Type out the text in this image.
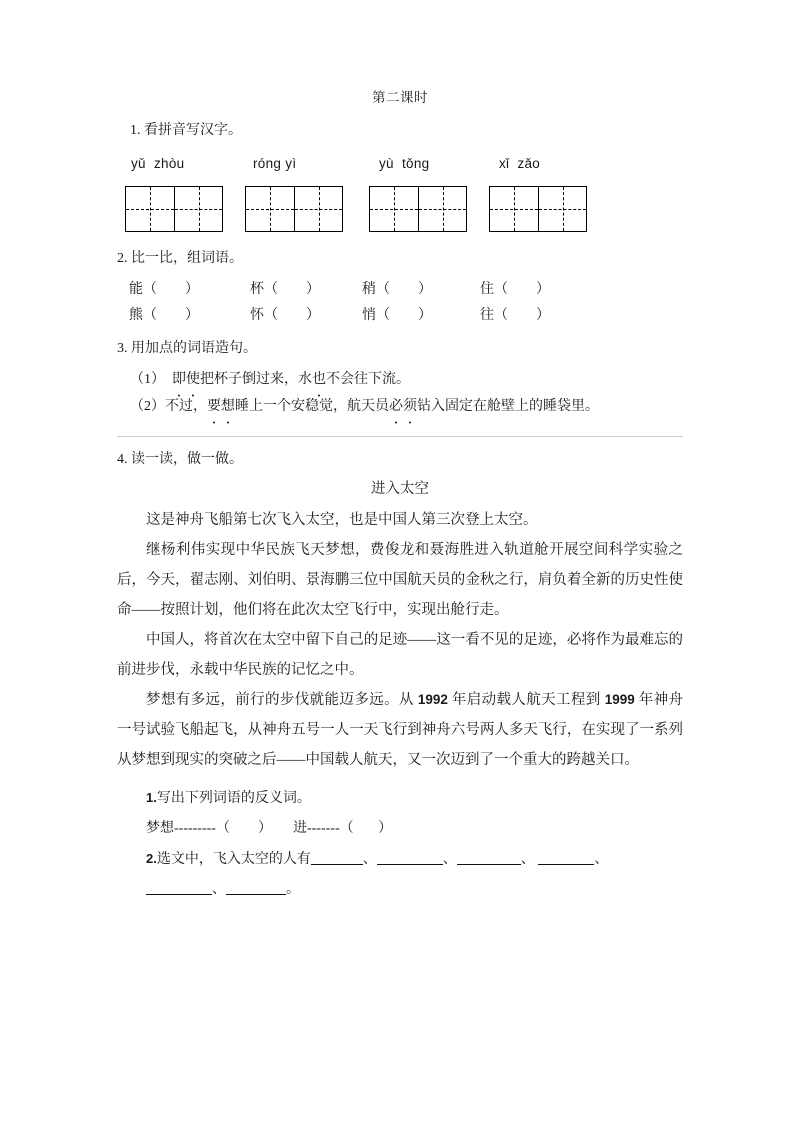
第二课时
1. 看拼音写汉字。
yǔ  zhòu	róng yì	yù  tǒng	xǐ  zǎo
2. 比一比，组词语。
能（        ）	杯（        ）	稍（        ）	住（        ）
熊（        ）	怀（        ）	悄（        ）	往（        ）
3. 用加点的词语造句。

（1）　 即使把杯子倒过来，水也不会往下流。

（2）不过，要想睡上一个安稳觉，航天员必须钻入固定在舱壁上的睡袋里。

4. 读一读，做一做。
进入太空

这是神舟飞船第七次飞入太空，也是中国人第三次登上太空。

继杨利伟实现中华民族飞天梦想，费俊龙和聂海胜进入轨道舱开展空间科学实验之后，今天，翟志刚、刘伯明、景海鹏三位中国航天员的金秋之行，肩负着全新的历史性使命——按照计划，他们将在此次太空飞行中，实现出舱行走。

中国人，将首次在太空中留下自己的足迹——这一看不见的足迹，必将作为最难忘的前进步伐，永载中华民族的记忆之中。

梦想有多远，前行的步伐就能迈多远。从 1992 年启动载人航天工程到 1999 年神舟一号试验飞船起飞，从神舟五号一人一天飞行到神舟六号两人多天飞行，在实现了一系列从梦想到现实的突破之后——中国载人航天，又一次迈到了一个重大的跨越关口。

1.写出下列词语的反义词。

梦想---------（ ） 进-------（ ）

2.选文中，飞入太空的人有	、	、	、	、

、	。
